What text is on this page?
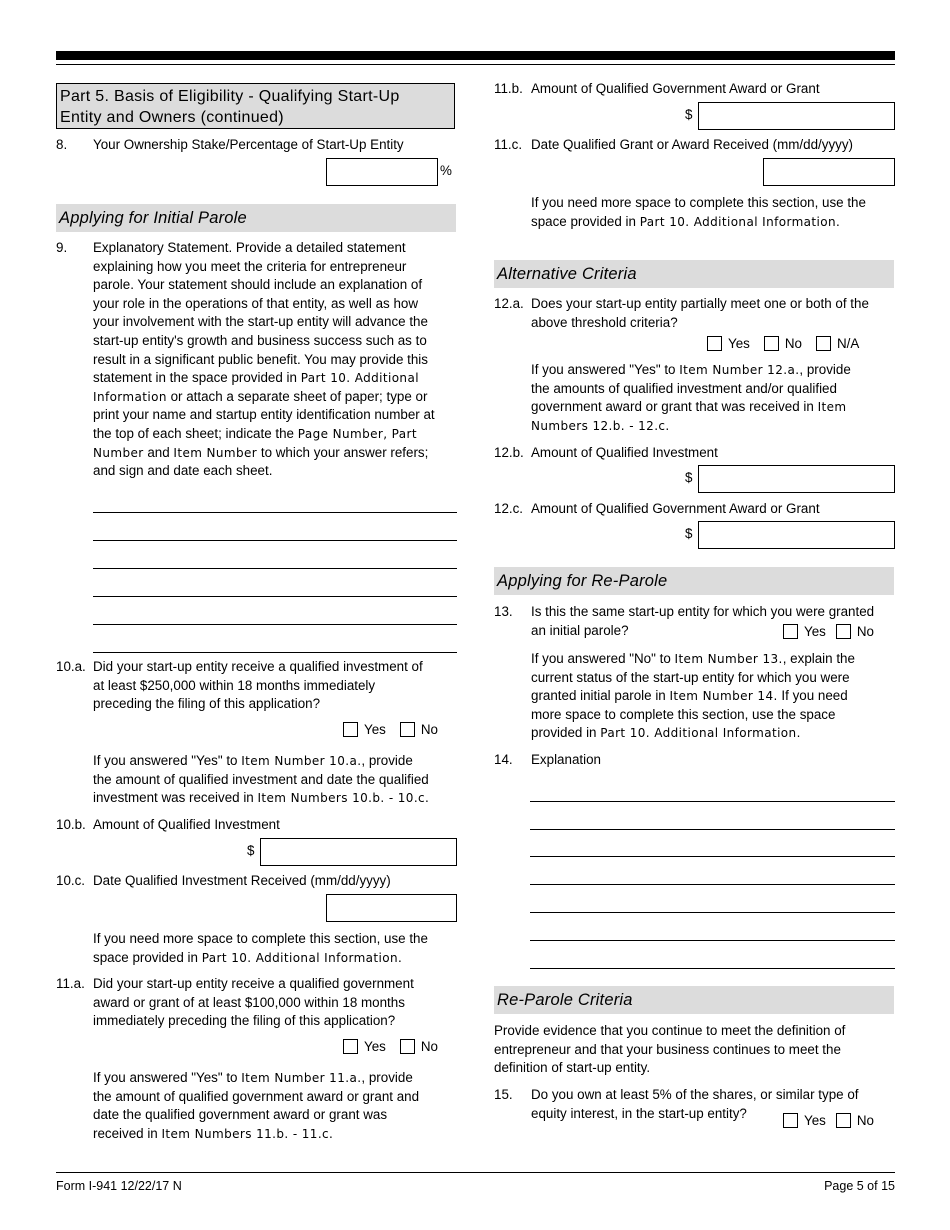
Part 5. Basis of Eligibility - Qualifying Start-Up
Entity and Owners (continued)
8. Your Ownership Stake/Percentage of Start-Up Entity
%
Applying for Initial Parole
9. Explanatory Statement. Provide a detailed statement
explaining how you meet the criteria for entrepreneur
parole. Your statement should include an explanation of
your role in the operations of that entity, as well as how
your involvement with the start-up entity will advance the
start-up entity's growth and business success such as to
result in a significant public benefit. You may provide this
statement in the space provided in Part 10. Additional
Information or attach a separate sheet of paper; type or
print your name and startup entity identification number at
the top of each sheet; indicate the Page Number, Part
Number and Item Number to which your answer refers;
and sign and date each sheet.
10.a. Did your start-up entity receive a qualified investment of
at least $250,000 within 18 months immediately
preceding the filing of this application?
Yes	No
If you answered "Yes" to Item Number 10.a., provide
the amount of qualified investment and date the qualified
investment was received in Item Numbers 10.b. - 10.c.
10.b. Amount of Qualified Investment
$
10.c. Date Qualified Investment Received (mm/dd/yyyy)
If you need more space to complete this section, use the
space provided in Part 10. Additional Information.
11.a. Did your start-up entity receive a qualified government
award or grant of at least $100,000 within 18 months
immediately preceding the filing of this application?
Yes	No
If you answered "Yes" to Item Number 11.a., provide
the amount of qualified government award or grant and
date the qualified government award or grant was
received in Item Numbers 11.b. - 11.c.
11.b. Amount of Qualified Government Award or Grant
$
11.c. Date Qualified Grant or Award Received (mm/dd/yyyy)
If you need more space to complete this section, use the
space provided in Part 10. Additional Information.
Alternative Criteria
12.a. Does your start-up entity partially meet one or both of the
above threshold criteria?
Yes	No	N/A
If you answered "Yes" to Item Number 12.a., provide
the amounts of qualified investment and/or qualified
government award or grant that was received in Item
Numbers 12.b. - 12.c.
12.b. Amount of Qualified Investment
$
12.c. Amount of Qualified Government Award or Grant
$
Applying for Re-Parole
13. Is this the same start-up entity for which you were granted
an initial parole?	Yes No
If you answered "No" to Item Number 13., explain the
current status of the start-up entity for which you were
granted initial parole in Item Number 14. If you need
more space to complete this section, use the space
provided in Part 10. Additional Information.
14. Explanation
Re-Parole Criteria
Provide evidence that you continue to meet the definition of
entrepreneur and that your business continues to meet the
definition of start-up entity.
15. Do you own at least 5% of the shares, or similar type of
equity interest, in the start-up entity?	Yes No
Form I-941 12/22/17 N	Page 5 of 15
